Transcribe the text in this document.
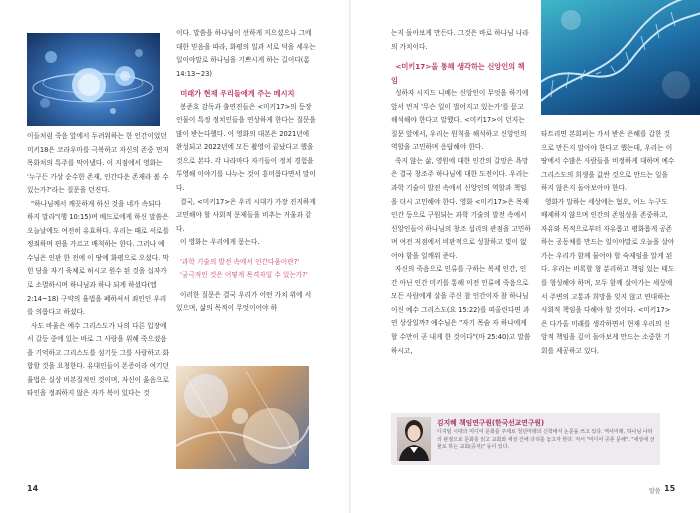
이들처럼 죽음 앞에서 두려워하는 한 인간이었던 미키18은 코라우마를 극복하고 자신의 존중 먼저 목화처의 특주를 막아냈다. 이 지점에서 영화는 '누구든 가상 순수한 존재, 인간다운 존재라 볼 수 있는가?'라는 질문을 던진다.

"하나님께서 깨끗하게 하신 것을 네가 속되다 하지 말라"(행 10:15)며 베드로에게 하신 말씀은 오늘날에도 여전히 유효하다. 우리는 때로 서로를 정죄하며 편을 가르고 배척하는 한다. 그러나 예수님은 인판 한 전에 이 땅에 화평으로 오셨다. 막힌 담을 자기 육체로 허시고 원수 된 것을 십자가로 소멸하시며 하나님과 하나 되게 하셨다(엡 2:14~18) 구약의 율법을 폐하셔서 죄인인 우리를 의롭다고 하셨다.

사도 바울은 예수 그리스도가 나의 다른 입장에서 갈등 중에 있는 바로 그 사람을 위해 죽으셨음을 기억하고 그리스도를 섬기듯 그를 사랑하고 화합할 것을 요청한다. 유대인들이 폰증이라 여기던 율법은 실상 비본질적인 것이며, 자신이 옳음으로 타인을 정죄하지 않은 자가 복이 있다는 것

이다. 말씀을 하나님이 선하게 지으셨으나 그에 대한 믿음을 따라, 화평의 일과 서로 덕을 세우는 일이야말로 하나님을 기쁘시게 하는 길이다(롬 14:13~23)

미래가 현재 우리들에게 주는 메시지

봉준호 감독과 출연진들은 <미키17>의 등장인물이 특정 정치인들을 연상하게 한다는 질문을 많이 받는다했다. 이 영화의 대본은 2021년에 완성되고 2022년에 모든 촬영이 끝났다고 했을 것으로 본다. 각 나라마다 자기들이 정치 경험을 투영해 이야기를 나누는 것이 흥미롭다면서 말이다.

결국, <미키17>은 우리 시대가 가장 진지하게 고민해야 할 사회적 문제들을 비추는 거울과 같다.

이 영화는 우리에게 묻는다.

'과학 기술의 발전 속에서 인간다움이란?'

'궁극적인 것은 어떻게 목격자일 수 있는가?'

이러한 질문은 결국 우리가 어떤 가치 위에 서 있으며, 삶의 목적이 무엇이어야 하

14

는지 돌아보게 만든다. 그것은 바로 하나님 나라의 가치이다.

<미키17>을 통해 생각하는 신앙인의 책임

성하자 시지드 니베는 신앙인이 무엇을 하기에 앞서 먼저 '무슨 일이 벌어지고 있는가'를 묻고 해석해야 한다고 말했다. <미키17>이 던지는 질문 앞에서, 우리는 원칙을 해석하고 신앙인의 역할을 고민하며 응답해야 한다.

죽지 않는 삶, 영원에 대한 인간의 갈망은 욕망은 결국 창조주 하나님에 대한 도전이다. 우리는 과학 기술이 발전 속에서 신앙인의 역할과 책임을 더시 고민해야 한다. 영화 <미키17>은 목제 인간 등으로 구원되는 과학 기술의 발전 속에서 신앙인들이 하나님의 창조 섭리의 관점을 고민하며 여전 저점에서 비판적으로 성찰하고 빛이 없어야 함을 일깨워 준다.

자신의 죽음으로 인류를 구하는 복제 인간, 인간 아닌 인간 미키를 통해 이전 인류에 죽음으로 모든 사람에게 살을 주신 참 인간이자 참 하나님이신 예수 그리스도(요 15:22)를 떠올린다면 과연 상상일까? 예수님은 "자기 목숨 자 하나에게 할 수만이 곧 내게 한 것이다"(마 25:40)고 말씀하시고,

타트리면 본회퍼는 가서 받은 은혜를 갑한 것으로 만든지 말아야 한다고 했는데, 우리는 이 땅에서 수많은 사람들을 비정하게 대하며 예수 그리스도의 희생을 값싼 것으로 만드는 일을 하지 않은지 돌아보아야 한다.

영화가 말하는 세상에는 혐오, 어느 누구도 배제하지 않으며 인간의 존엄성을 존중하고, 자유와 목적으로부터 자유롭고 평화롭게 공존하는 공동체를 만드는 일이야말로 오늘을 살아가는 우리가 함께 물어야 할 숙제임을 알게 된다. 우리는 비록할 형 분리하고 책임 있는 태도를 형성해야 하며, 모두 함께 살아가는 세상에서 주변의 고통과 희망을 잊지 않고 연대하는 사회적 책임을 다해야 할 것이다. <미키17>은 다가올 미래를 생각하면서 현재 우리의 신앙적 책임을 깊이 돌아보게 만드는 소중한 기회를 제공하고 있다.

김지혜 책임연구원(한국선교연구원)
디지털 시대의 미디어 문화를 주제로 청년미래의 신학에서 논문을 쓰고 있다. 역사미래, 하나님 나라의 관점으로 문화를 읽고 교회와 세상 간에 다리를 놓고자 한다. 저서 "미디어 공론 문해", "세상에 선물로 하는 교회(공저)" 등이 있다.
말씀 15
